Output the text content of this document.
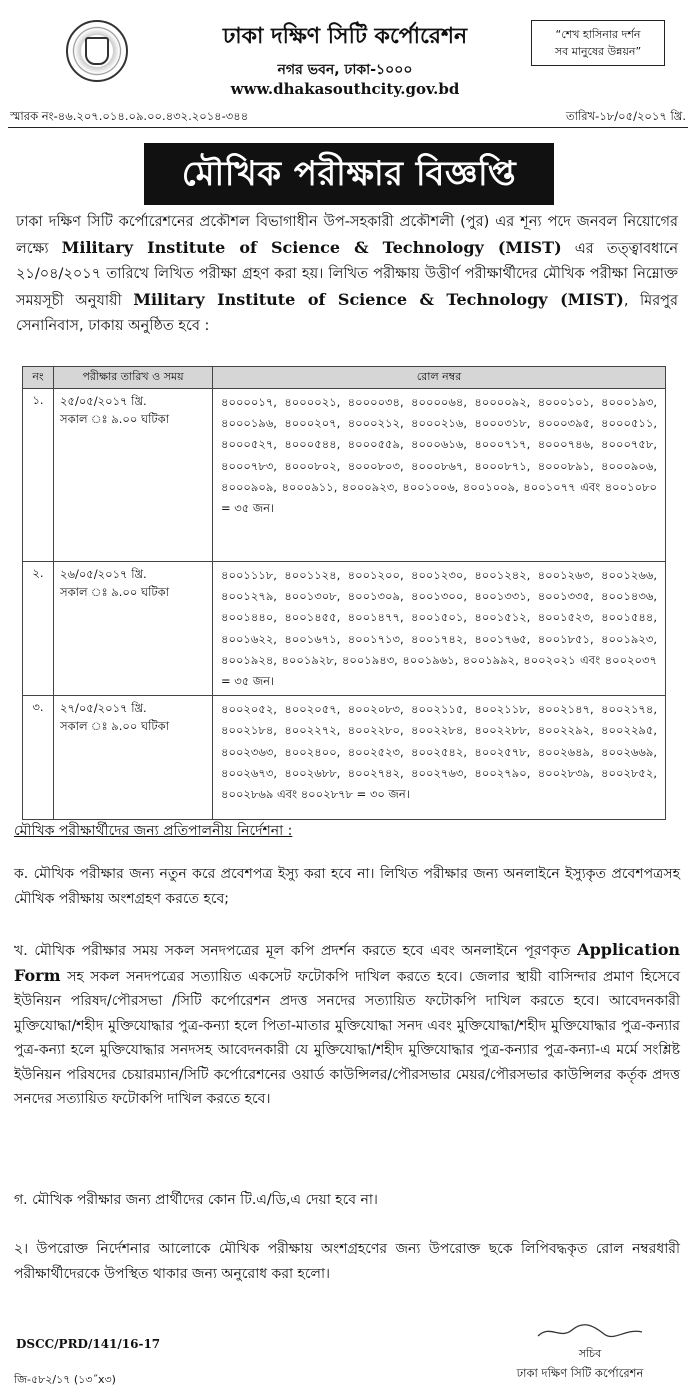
ঢাকা দক্ষিণ সিটি কর্পোরেশন
নগর ভবন, ঢাকা-১০০০
www.dhakasouthcity.gov.bd
“শেখ হাসিনার দর্শন
সব মানুষের উন্নয়ন”
স্মারক নং-৪৬.২০৭.০১৪.০৯.০০.৪৩২.২০১৪-৩৪৪	তারিখ-১৮/০৫/২০১৭ খ্রি.
মৌখিক পরীক্ষার বিজ্ঞপ্তি
ঢাকা দক্ষিণ সিটি কর্পোরেশনের প্রকৌশল বিভাগাধীন উপ-সহকারী প্রকৌশলী (পুর) এর শূন্য পদে জনবল নিয়োগের লক্ষ্যে Military Institute of Science & Technology (MIST) এর তত্ত্বাবধানে ২১/০৪/২০১৭ তারিখে লিখিত পরীক্ষা গ্রহণ করা হয়। লিখিত পরীক্ষায় উত্তীর্ণ পরীক্ষার্থীদের মৌখিক পরীক্ষা নিম্নোক্ত সময়সূচী অনুযায়ী Military Institute of Science & Technology (MIST), মিরপুর সেনানিবাস, ঢাকায় অনুষ্ঠিত হবে :
নং	পরীক্ষার তারিখ ও সময়	রোল নম্বর
১.	২৫/০৫/২০১৭ খ্রি.
সকাল ঃ ৯.০০ ঘটিকা	৪০০০০১৭, ৪০০০০২১, ৪০০০০৩৪, ৪০০০০৬৪, ৪০০০০৯২, ৪০০০১০১, ৪০০০১৯৩, ৪০০০১৯৬, ৪০০০২০৭, ৪০০০২১২, ৪০০০২১৬, ৪০০০৩১৮, ৪০০০৩৯৫, ৪০০০৫১১, ৪০০০৫২৭, ৪০০০৫৪৪, ৪০০০৫৫৯, ৪০০০৬১৬, ৪০০০৭১৭, ৪০০০৭৪৬, ৪০০০৭৫৮, ৪০০০৭৮৩, ৪০০০৮০২, ৪০০০৮০৩, ৪০০০৮৬৭, ৪০০০৮৭১, ৪০০০৮৯১, ৪০০০৯০৬, ৪০০০৯০৯, ৪০০০৯১১, ৪০০০৯২৩, ৪০০১০০৬, ৪০০১০০৯, ৪০০১০৭৭ এবং ৪০০১০৮০ = ৩৫ জন।
২.	২৬/০৫/২০১৭ খ্রি.
সকাল ঃ ৯.০০ ঘটিকা	৪০০১১১৮, ৪০০১১২৪, ৪০০১২০০, ৪০০১২৩০, ৪০০১২৪২, ৪০০১২৬৩, ৪০০১২৬৬, ৪০০১২৭৯, ৪০০১৩০৮, ৪০০১৩০৯, ৪০০১৩০০, ৪০০১৩৩১, ৪০০১৩৩৫, ৪০০১৪৩৬, ৪০০১৪৪০, ৪০০১৪৫৫, ৪০০১৪৭৭, ৪০০১৫০১, ৪০০১৫১২, ৪০০১৫২৩, ৪০০১৫৪৪, ৪০০১৬২২, ৪০০১৬৭১, ৪০০১৭১৩, ৪০০১৭৪২, ৪০০১৭৬৫, ৪০০১৮৫১, ৪০০১৯২৩, ৪০০১৯২৪, ৪০০১৯২৮, ৪০০১৯৪৩, ৪০০১৯৬১, ৪০০১৯৯২, ৪০০২০২১ এবং ৪০০২০৩৭ = ৩৫ জন।
৩.	২৭/০৫/২০১৭ খ্রি.
সকাল ঃ ৯.০০ ঘটিকা	৪০০২০৫২, ৪০০২০৫৭, ৪০০২০৮৩, ৪০০২১১৫, ৪০০২১১৮, ৪০০২১৪৭, ৪০০২১৭৪, ৪০০২১৮৪, ৪০০২২৭২, ৪০০২২৮০, ৪০০২২৮৪, ৪০০২২৮৮, ৪০০২২৯২, ৪০০২২৯৫, ৪০০২৩৬৩, ৪০০২৪০০, ৪০০২৫২৩, ৪০০২৫৪২, ৪০০২৫৭৮, ৪০০২৬৪৯, ৪০০২৬৬৯, ৪০০২৬৭৩, ৪০০২৬৮৮, ৪০০২৭৪২, ৪০০২৭৬৩, ৪০০২৭৯০, ৪০০২৮৩৯, ৪০০২৮৫২, ৪০০২৮৬৯ এবং ৪০০২৮৭৮ = ৩০ জন।
মৌখিক পরীক্ষার্থীদের জন্য প্রতিপালনীয় নির্দেশনা :
ক. মৌখিক পরীক্ষার জন্য নতুন করে প্রবেশপত্র ইস্যু করা হবে না। লিখিত পরীক্ষার জন্য অনলাইনে ইস্যুকৃত প্রবেশপত্রসহ মৌখিক পরীক্ষায় অংশগ্রহণ করতে হবে;
খ. মৌখিক পরীক্ষার সময় সকল সনদপত্রের মূল কপি প্রদর্শন করতে হবে এবং অনলাইনে পূরণকৃত Application Form সহ সকল সনদপত্রের সত্যায়িত একসেট ফটোকপি দাখিল করতে হবে। জেলার স্থায়ী বাসিন্দার প্রমাণ হিসেবে ইউনিয়ন পরিষদ/পৌরসভা /সিটি কর্পোরেশন প্রদত্ত সনদের সত্যায়িত ফটোকপি দাখিল করতে হবে। আবেদনকারী মুক্তিযোদ্ধা/শহীদ মুক্তিযোদ্ধার পুত্র-কন্যা হলে পিতা-মাতার মুক্তিযোদ্ধা সনদ এবং মুক্তিযোদ্ধা/শহীদ মুক্তিযোদ্ধার পুত্র-কন্যার পুত্র-কন্যা হলে মুক্তিযোদ্ধার সনদসহ আবেদনকারী যে মুক্তিযোদ্ধা/শহীদ মুক্তিযোদ্ধার পুত্র-কন্যার পুত্র-কন্যা-এ মর্মে সংশ্লিষ্ট ইউনিয়ন পরিষদের চেয়ারম্যান/সিটি কর্পোরেশনের ওয়ার্ড কাউন্সিলর/পৌরসভার মেয়র/পৌরসভার কাউন্সিলর কর্তৃক প্রদত্ত সনদের সত্যায়িত ফটোকপি দাখিল করতে হবে।
গ. মৌখিক পরীক্ষার জন্য প্রার্থীদের কোন টি.এ/ডি,এ দেয়া হবে না।
২। উপরোক্ত নির্দেশনার আলোকে মৌখিক পরীক্ষায় অংশগ্রহণের জন্য উপরোক্ত ছকে লিপিবদ্ধকৃত রোল নম্বরধারী পরীক্ষার্থীদেরকে উপস্থিত থাকার জন্য অনুরোধ করা হলো।
DSCC/PRD/141/16-17
সচিব
ঢাকা দক্ষিণ সিটি কর্পোরেশন
জি-৫৮২/১৭ (১৩˝x৩)
